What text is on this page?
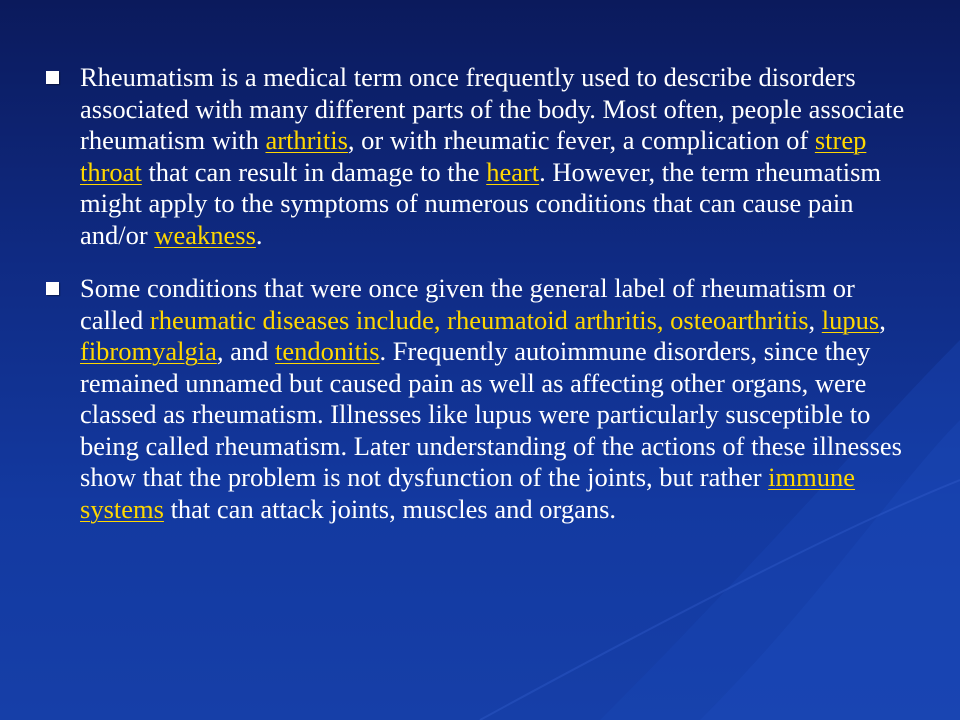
Rheumatism is a medical term once frequently used to describe disorders associated with many different parts of the body. Most often, people associate rheumatism with arthritis, or with rheumatic fever, a complication of strep throat that can result in damage to the heart. However, the term rheumatism might apply to the symptoms of numerous conditions that can cause pain and/or weakness.
Some conditions that were once given the general label of rheumatism or called rheumatic diseases include, rheumatoid arthritis, osteoarthritis, lupus, fibromyalgia, and tendonitis. Frequently autoimmune disorders, since they remained unnamed but caused pain as well as affecting other organs, were classed as rheumatism. Illnesses like lupus were particularly susceptible to being called rheumatism. Later understanding of the actions of these illnesses show that the problem is not dysfunction of the joints, but rather immune systems that can attack joints, muscles and organs.
